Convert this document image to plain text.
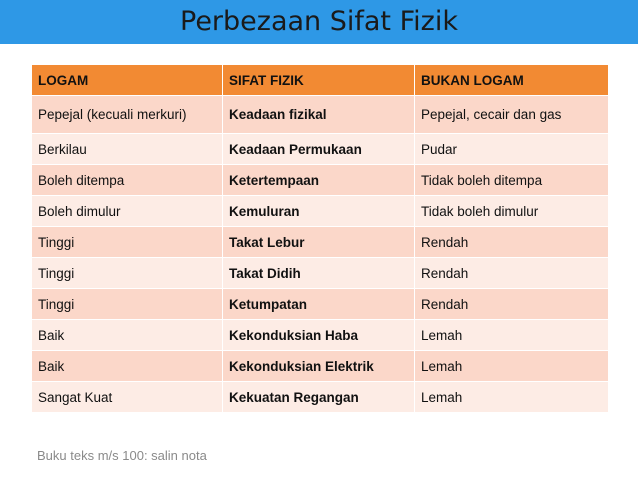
Perbezaan Sifat Fizik
LOGAM	SIFAT FIZIK	BUKAN LOGAM
Pepejal (kecuali merkuri)	Keadaan fizikal	Pepejal, cecair dan gas
Berkilau	Keadaan Permukaan	Pudar
Boleh ditempa	Ketertempaan	Tidak boleh ditempa
Boleh dimulur	Kemuluran	Tidak boleh dimulur
Tinggi	Takat Lebur	Rendah
Tinggi	Takat Didih	Rendah
Tinggi	Ketumpatan	Rendah
Baik	Kekonduksian Haba	Lemah
Baik	Kekonduksian Elektrik	Lemah
Sangat Kuat	Kekuatan Regangan	Lemah
Buku teks m/s 100: salin nota
